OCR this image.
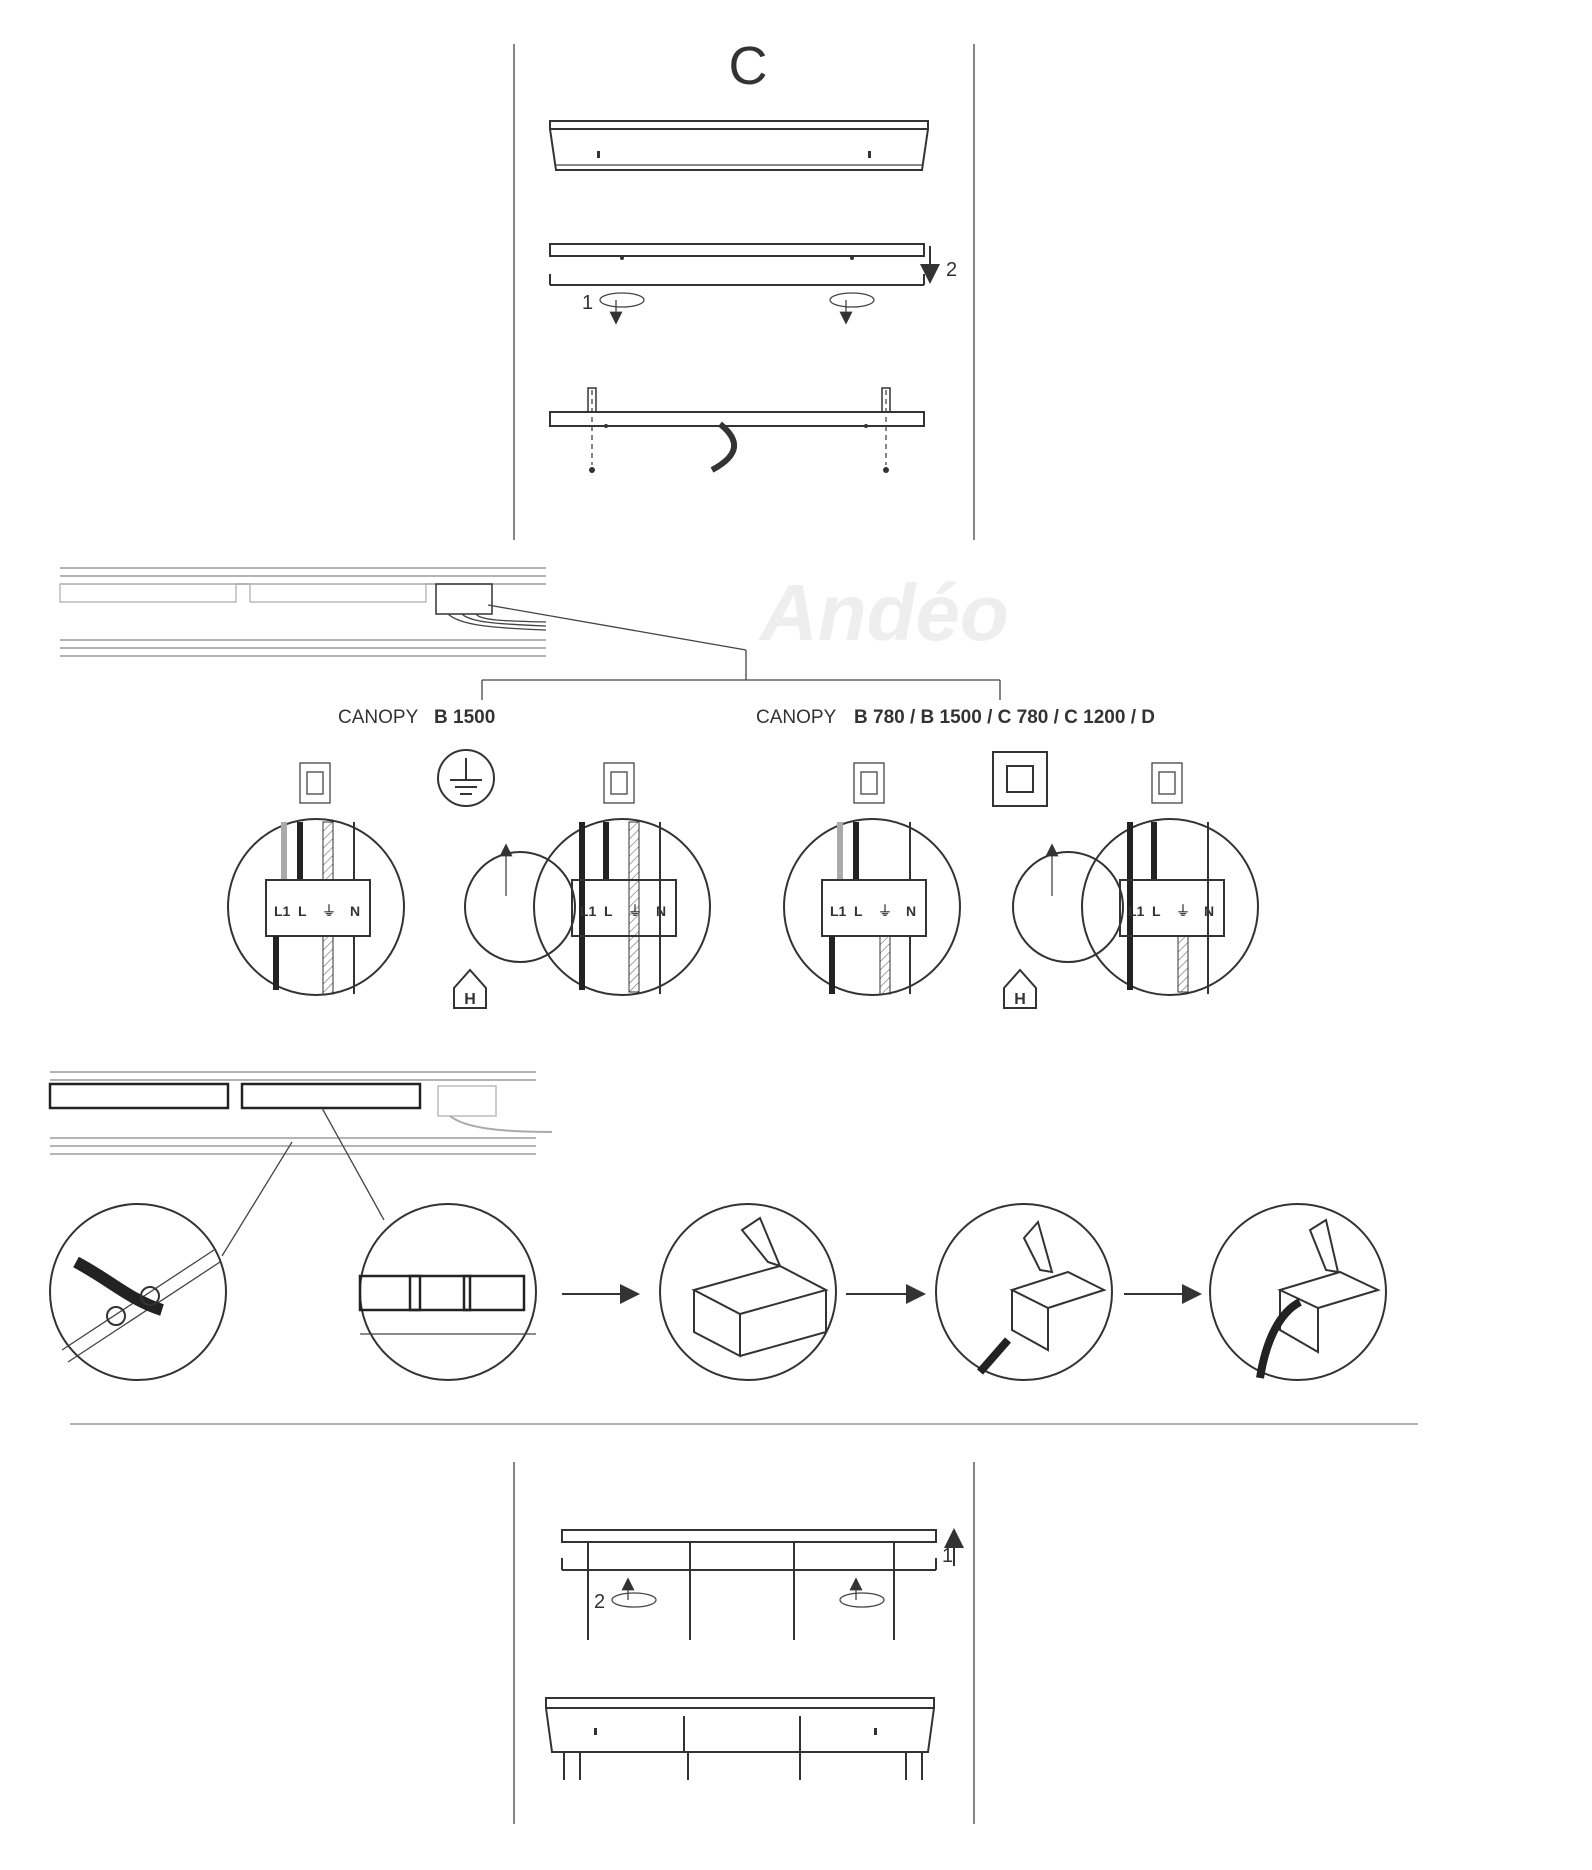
C
2
1
Andéo
CANOPY B 1500	CANOPY B 780 / B 1500 / C 780 / C 1200 / D
L1 L ⏚ N	L1 L ⏚ N	L1 L ⏚ N	L1 L ⏚ N
H	H
1
2
